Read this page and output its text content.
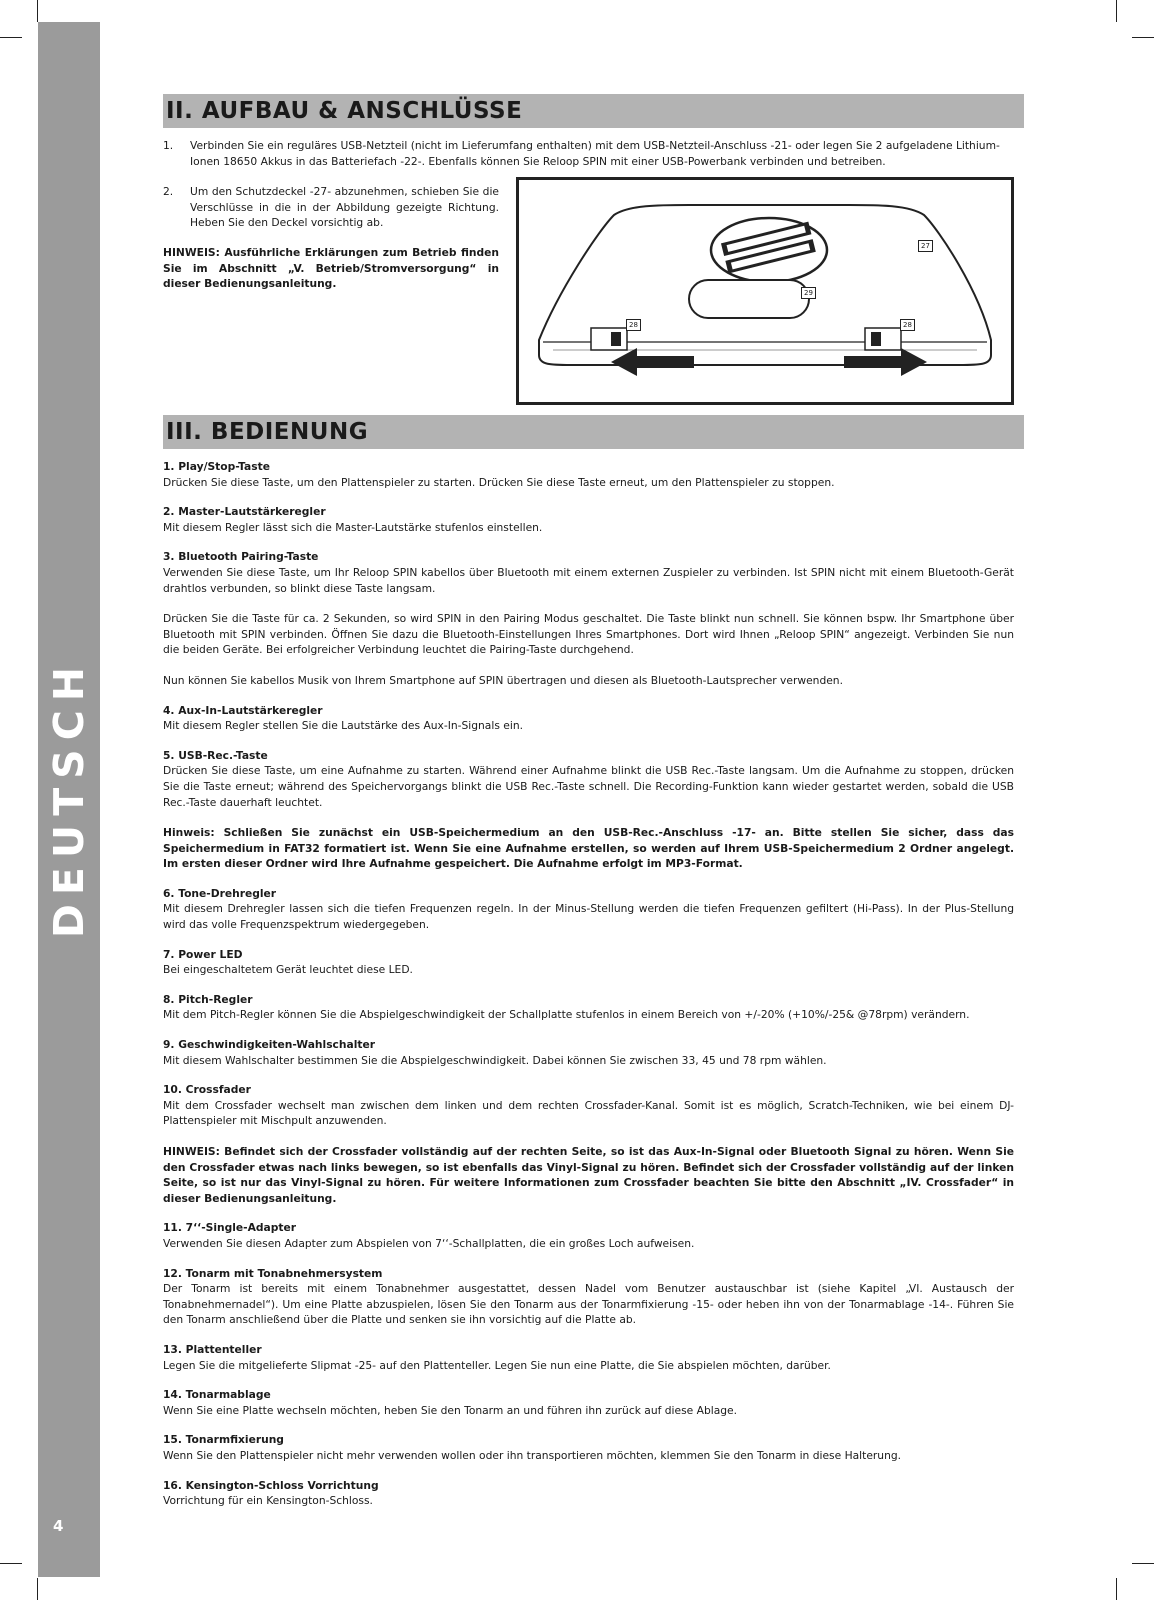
DEUTSCH
4
II. AUFBAU & ANSCHLÜSSE
1.	Verbinden Sie ein reguläres USB-Netzteil (nicht im Lieferumfang enthalten) mit dem USB-Netzteil-Anschluss -21- oder legen Sie 2 aufgeladene Lithium-Ionen 18650 Akkus in das Batteriefach -22-. Ebenfalls können Sie Reloop SPIN mit einer USB-Powerbank verbinden und betreiben.
2.	Um den Schutzdeckel -27- abzunehmen, schieben Sie die Verschlüsse in die in der Abbildung gezeigte Richtung. Heben Sie den Deckel vorsichtig ab.
HINWEIS: Ausführliche Erklärungen zum Betrieb finden Sie im Abschnitt „V. Betrieb/Stromversorgung“ in dieser Bedienungsanleitung.
27
29
28	28
III. BEDIENUNG
1. Play/Stop-Taste
Drücken Sie diese Taste, um den Plattenspieler zu starten. Drücken Sie diese Taste erneut, um den Plattenspieler zu stoppen.
2. Master-Lautstärkeregler
Mit diesem Regler lässt sich die Master-Lautstärke stufenlos einstellen.
3. Bluetooth Pairing-Taste
Verwenden Sie diese Taste, um Ihr Reloop SPIN kabellos über Bluetooth mit einem externen Zuspieler zu verbinden. Ist SPIN nicht mit einem Bluetooth-Gerät drahtlos verbunden, so blinkt diese Taste langsam.
Drücken Sie die Taste für ca. 2 Sekunden, so wird SPIN in den Pairing Modus geschaltet. Die Taste blinkt nun schnell. Sie können bspw. Ihr Smartphone über Bluetooth mit SPIN verbinden. Öffnen Sie dazu die Bluetooth-Einstellungen Ihres Smartphones. Dort wird Ihnen „Reloop SPIN“ angezeigt. Verbinden Sie nun die beiden Geräte. Bei erfolgreicher Verbindung leuchtet die Pairing-Taste durchgehend.
Nun können Sie kabellos Musik von Ihrem Smartphone auf SPIN übertragen und diesen als Bluetooth-Lautsprecher verwenden.
4. Aux-In-Lautstärkeregler
Mit diesem Regler stellen Sie die Lautstärke des Aux-In-Signals ein.
5. USB-Rec.-Taste
Drücken Sie diese Taste, um eine Aufnahme zu starten. Während einer Aufnahme blinkt die USB Rec.-Taste langsam. Um die Aufnahme zu stoppen, drücken Sie die Taste erneut; während des Speichervorgangs blinkt die USB Rec.-Taste schnell. Die Recording-Funktion kann wieder gestartet werden, sobald die USB Rec.-Taste dauerhaft leuchtet.
Hinweis: Schließen Sie zunächst ein USB-Speichermedium an den USB-Rec.-Anschluss -17- an. Bitte stellen Sie sicher, dass das Speichermedium in FAT32 formatiert ist. Wenn Sie eine Aufnahme erstellen, so werden auf Ihrem USB-Speichermedium 2 Ordner angelegt. Im ersten dieser Ordner wird Ihre Aufnahme gespeichert. Die Aufnahme erfolgt im MP3-Format.
6. Tone-Drehregler
Mit diesem Drehregler lassen sich die tiefen Frequenzen regeln. In der Minus-Stellung werden die tiefen Frequenzen gefiltert (Hi-Pass). In der Plus-Stellung wird das volle Frequenzspektrum wiedergegeben.
7. Power LED
Bei eingeschaltetem Gerät leuchtet diese LED.
8. Pitch-Regler
Mit dem Pitch-Regler können Sie die Abspielgeschwindigkeit der Schallplatte stufenlos in einem Bereich von +/-20% (+10%/-25& @78rpm) verändern.
9. Geschwindigkeiten-Wahlschalter
Mit diesem Wahlschalter bestimmen Sie die Abspielgeschwindigkeit. Dabei können Sie zwischen 33, 45 und 78 rpm wählen.
10. Crossfader
Mit dem Crossfader wechselt man zwischen dem linken und dem rechten Crossfader-Kanal. Somit ist es möglich, Scratch-Techniken, wie bei einem DJ-Plattenspieler mit Mischpult anzuwenden.
HINWEIS: Befindet sich der Crossfader vollständig auf der rechten Seite, so ist das Aux-In-Signal oder Bluetooth Signal zu hören. Wenn Sie den Crossfader etwas nach links bewegen, so ist ebenfalls das Vinyl-Signal zu hören. Befindet sich der Crossfader vollständig auf der linken Seite, so ist nur das Vinyl-Signal zu hören. Für weitere Informationen zum Crossfader beachten Sie bitte den Abschnitt „IV. Crossfader“ in dieser Bedienungsanleitung.
11. 7‘‘-Single-Adapter
Verwenden Sie diesen Adapter zum Abspielen von 7‘‘-Schallplatten, die ein großes Loch aufweisen.
12. Tonarm mit Tonabnehmersystem
Der Tonarm ist bereits mit einem Tonabnehmer ausgestattet, dessen Nadel vom Benutzer austauschbar ist (siehe Kapitel „VI. Austausch der Tonabnehmernadel“). Um eine Platte abzuspielen, lösen Sie den Tonarm aus der Tonarmfixierung -15- oder heben ihn von der Tonarmablage -14-. Führen Sie den Tonarm anschließend über die Platte und senken sie ihn vorsichtig auf die Platte ab.
13. Plattenteller
Legen Sie die mitgelieferte Slipmat -25- auf den Plattenteller. Legen Sie nun eine Platte, die Sie abspielen möchten, darüber.
14. Tonarmablage
Wenn Sie eine Platte wechseln möchten, heben Sie den Tonarm an und führen ihn zurück auf diese Ablage.
15. Tonarmfixierung
Wenn Sie den Plattenspieler nicht mehr verwenden wollen oder ihn transportieren möchten, klemmen Sie den Tonarm in diese Halterung.
16. Kensington-Schloss Vorrichtung
Vorrichtung für ein Kensington-Schloss.
